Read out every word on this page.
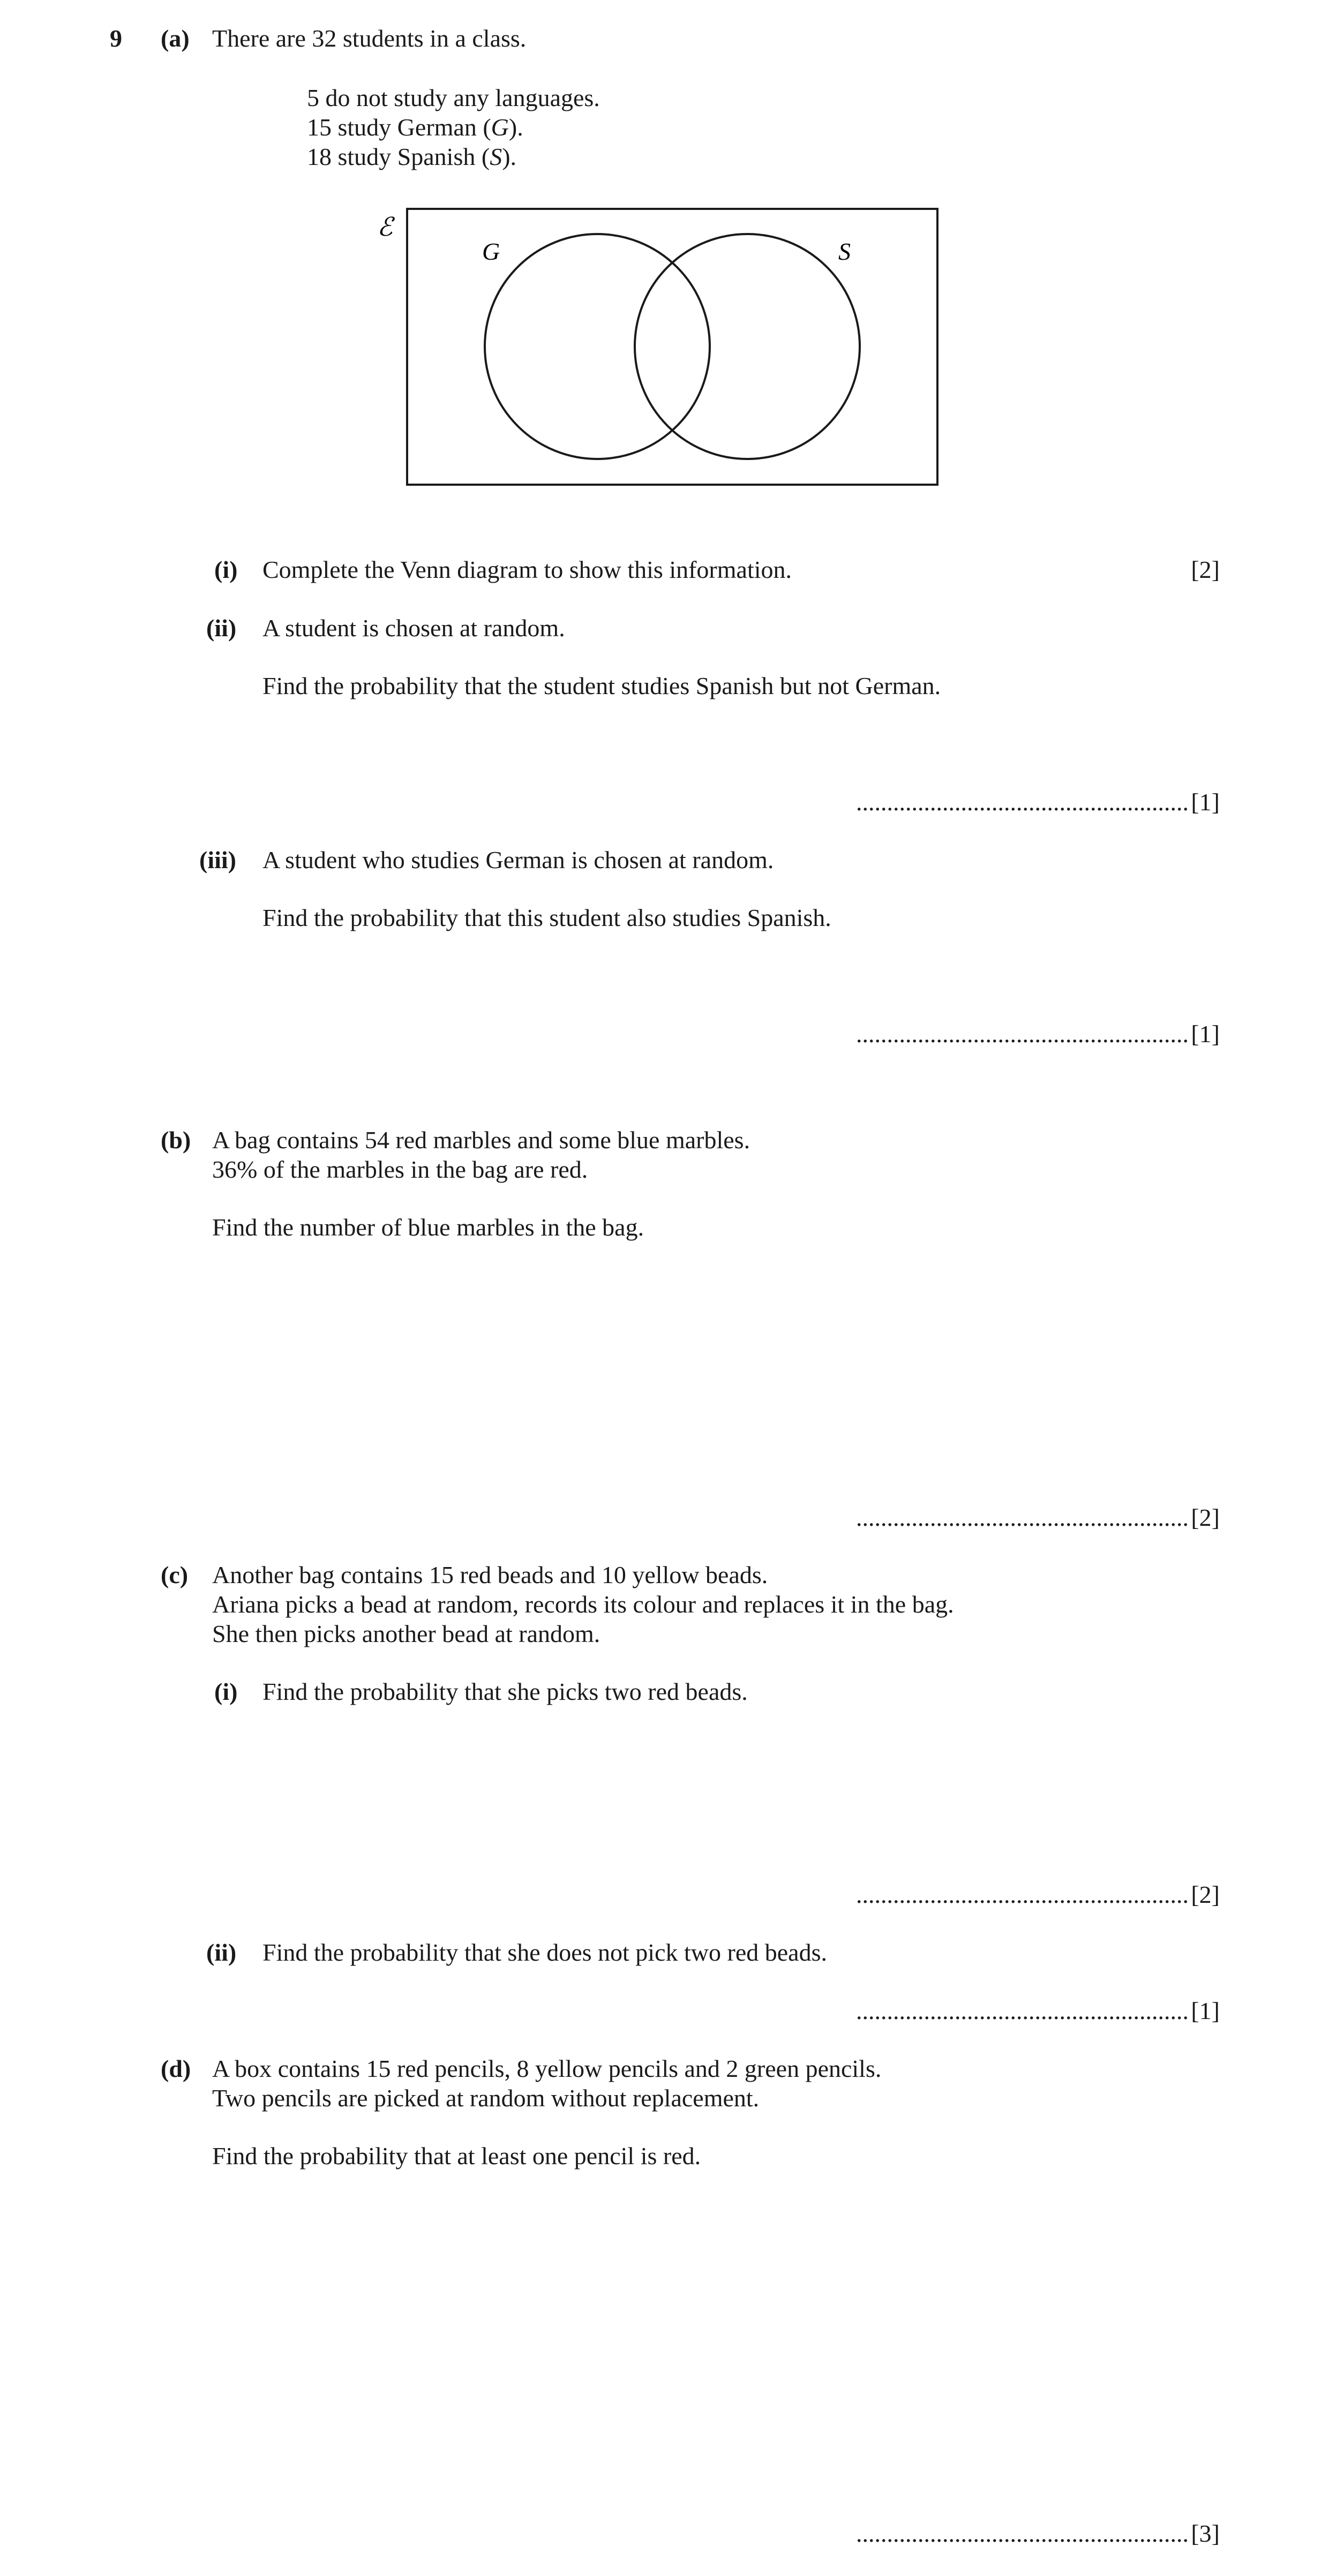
9 (a) There are 32 students in a class.
5 do not study any languages.
15 study German (G).
18 study Spanish (S).
ℰ
G	S
(i) Complete the Venn diagram to show this information.	[2]
(ii) A student is chosen at random.
Find the probability that the student studies Spanish but not German.
...................................................... [1]
(iii) A student who studies German is chosen at random.
Find the probability that this student also studies Spanish.
...................................................... [1]
(b) A bag contains 54 red marbles and some blue marbles.
36% of the marbles in the bag are red.
Find the number of blue marbles in the bag.
...................................................... [2]
(c) Another bag contains 15 red beads and 10 yellow beads.
Ariana picks a bead at random, records its colour and replaces it in the bag.
She then picks another bead at random.
(i) Find the probability that she picks two red beads.
...................................................... [2]
(ii) Find the probability that she does not pick two red beads.
...................................................... [1]
(d) A box contains 15 red pencils, 8 yellow pencils and 2 green pencils.
Two pencils are picked at random without replacement.
Find the probability that at least one pencil is red.
...................................................... [3]
